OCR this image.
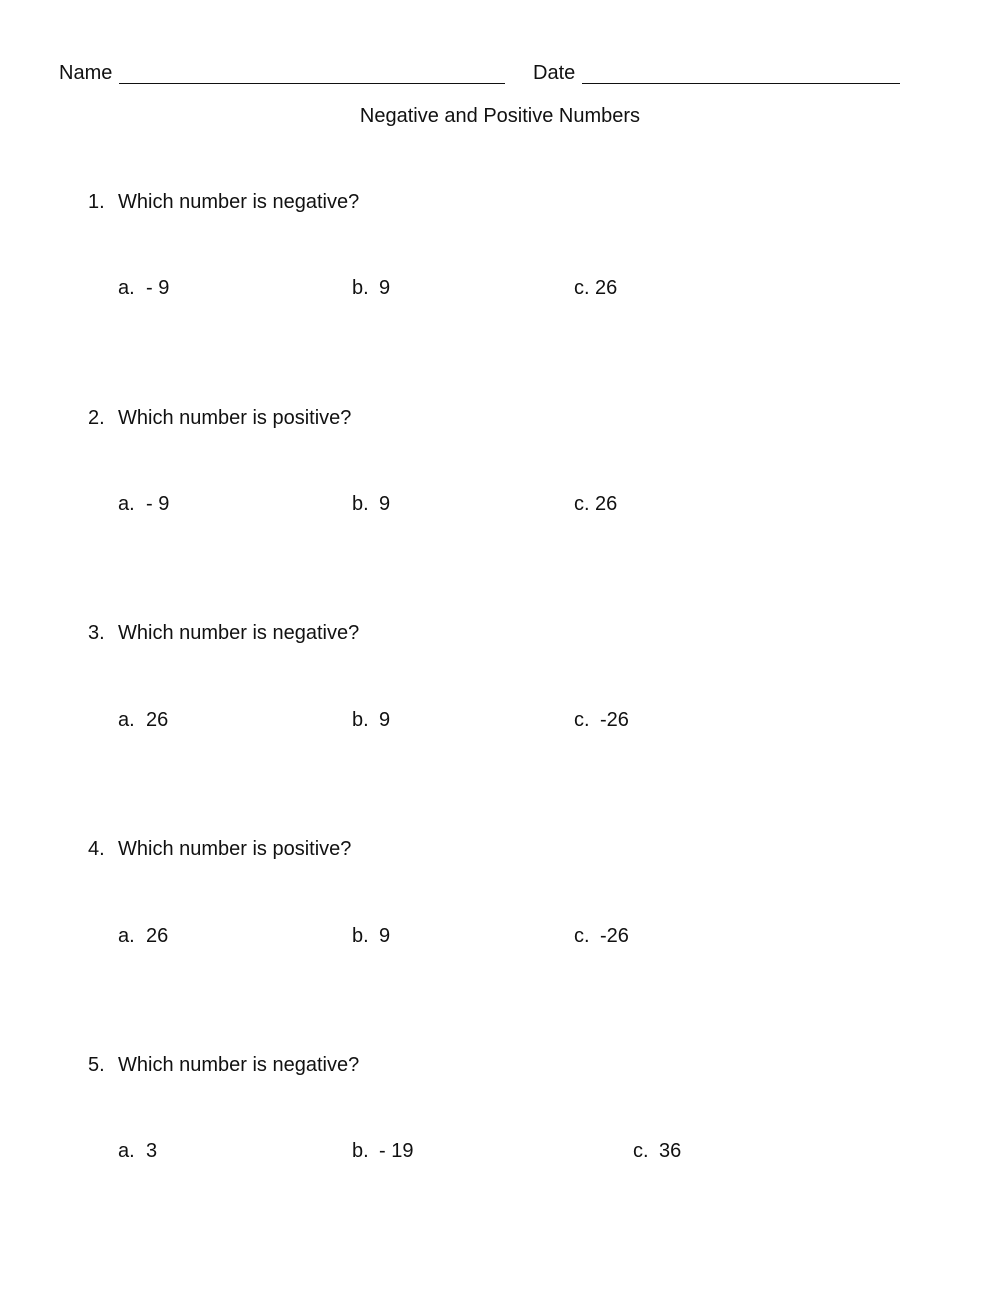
Name	Date
Negative and Positive Numbers
1. Which number is negative?
a. - 9	b. 9	c. 26
2. Which number is positive?
a. - 9	b. 9	c. 26
3. Which number is negative?
a. 26	b. 9	c. -26
4. Which number is positive?
a. 26	b. 9	c. -26
5. Which number is negative?
a. 3	b. - 19	c. 36
